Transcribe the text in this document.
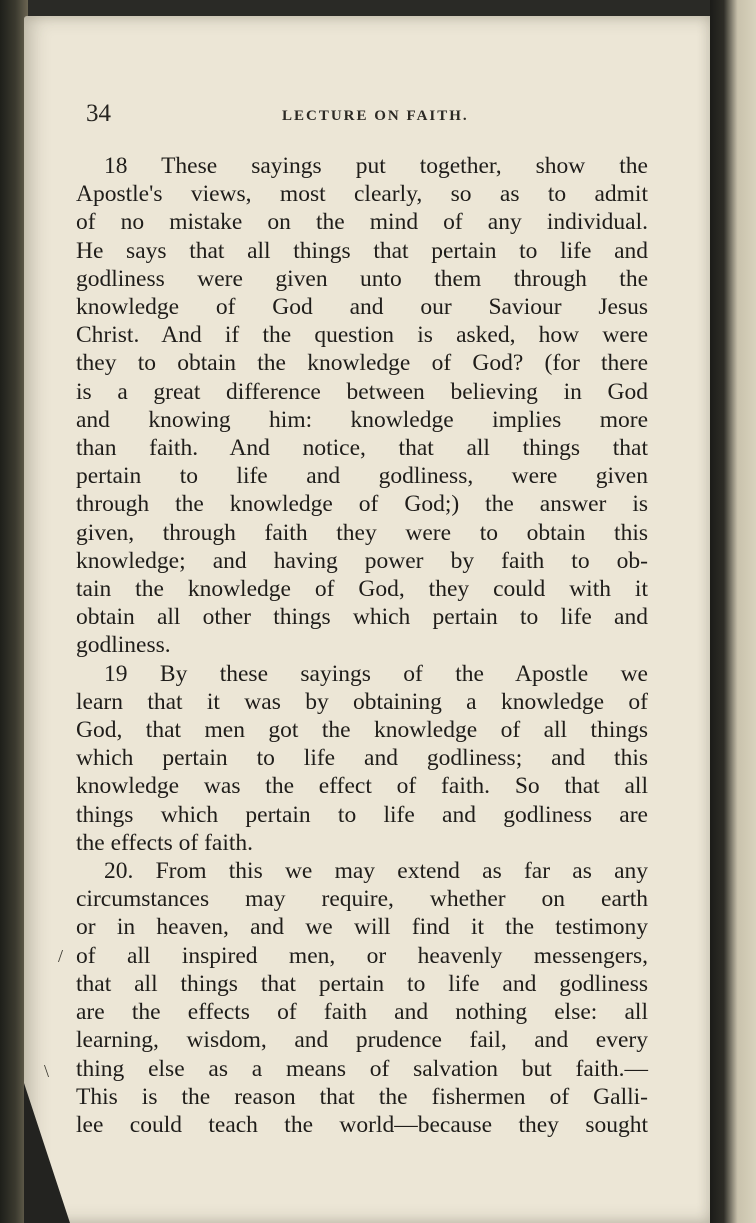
34	LECTURE ON FAITH.
18 These sayings put together, show the
Apostle's views, most clearly, so as to admit
of no mistake on the mind of any individual.
He says that all things that pertain to life and
godliness were given unto them through the
knowledge of God and our Saviour Jesus
Christ. And if the question is asked, how were
they to obtain the knowledge of God? (for there
is a great difference between believing in God
and knowing him: knowledge implies more
than faith. And notice, that all things that
pertain to life and godliness, were given
through the knowledge of God;) the answer is
given, through faith they were to obtain this
knowledge; and having power by faith to ob-
tain the knowledge of God, they could with it
obtain all other things which pertain to life and
godliness.
19 By these sayings of the Apostle we
learn that it was by obtaining a knowledge of
God, that men got the knowledge of all things
which pertain to life and godliness; and this
knowledge was the effect of faith. So that all
things which pertain to life and godliness are
the effects of faith.
20. From this we may extend as far as any
circumstances may require, whether on earth
or in heaven, and we will find it the testimony
of all inspired men, or heavenly messengers,
that all things that pertain to life and godliness
are the effects of faith and nothing else: all
learning, wisdom, and prudence fail, and every
thing else as a means of salvation but faith.—
This is the reason that the fishermen of Galli-
lee could teach the world—because they sought
/
\
